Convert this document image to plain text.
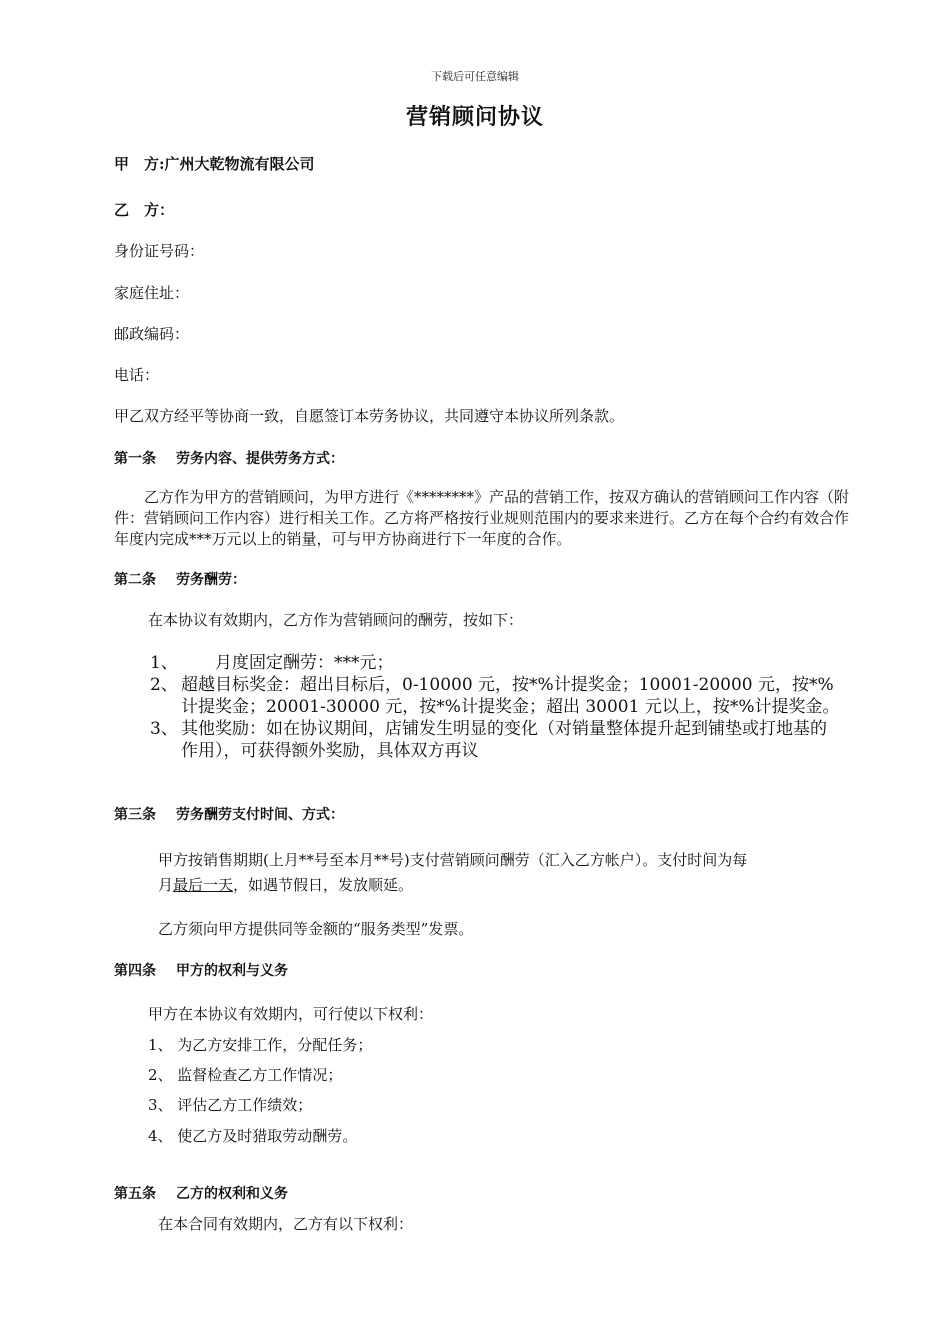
下载后可任意编辑
营销顾问协议
甲　方:广州大乾物流有限公司
乙　方：
身份证号码：
家庭住址：
邮政编码：
电话：
甲乙双方经平等协商一致，自愿签订本劳务协议，共同遵守本协议所列条款。
第一条 劳务内容、提供劳务方式：
乙方作为甲方的营销顾问，为甲方进行《********》产品的营销工作，按双方确认的营销顾问工作内容（附件：营销顾问工作内容）进行相关工作。乙方将严格按行业规则范围内的要求来进行。乙方在每个合约有效合作年度内完成***万元以上的销量，可与甲方协商进行下一年度的合作。
第二条 劳务酬劳：
在本协议有效期内，乙方作为营销顾问的酬劳，按如下：
1、 　　月度固定酬劳：***元；
2、 超越目标奖金：超出目标后，0-10000 元，按*%计提奖金；10001-20000 元，按*%计提奖金；20001-30000 元，按*%计提奖金；超出 30001 元以上，按*%计提奖金。
3、 其他奖励：如在协议期间，店铺发生明显的变化（对销量整体提升起到铺垫或打地基的作用），可获得额外奖励，具体双方再议
第三条 劳务酬劳支付时间、方式：
甲方按销售期期(上月**号至本月**号)支付营销顾问酬劳（汇入乙方帐户）。支付时间为每
月最后一天，如遇节假日，发放顺延。
乙方须向甲方提供同等金额的“服务类型”发票。
第四条 甲方的权利与义务
甲方在本协议有效期内，可行使以下权利：
1、 为乙方安排工作，分配任务；
2、 监督检查乙方工作情况；
3、 评估乙方工作绩效；
4、 使乙方及时猎取劳动酬劳。
第五条 乙方的权利和义务
在本合同有效期内，乙方有以下权利：
